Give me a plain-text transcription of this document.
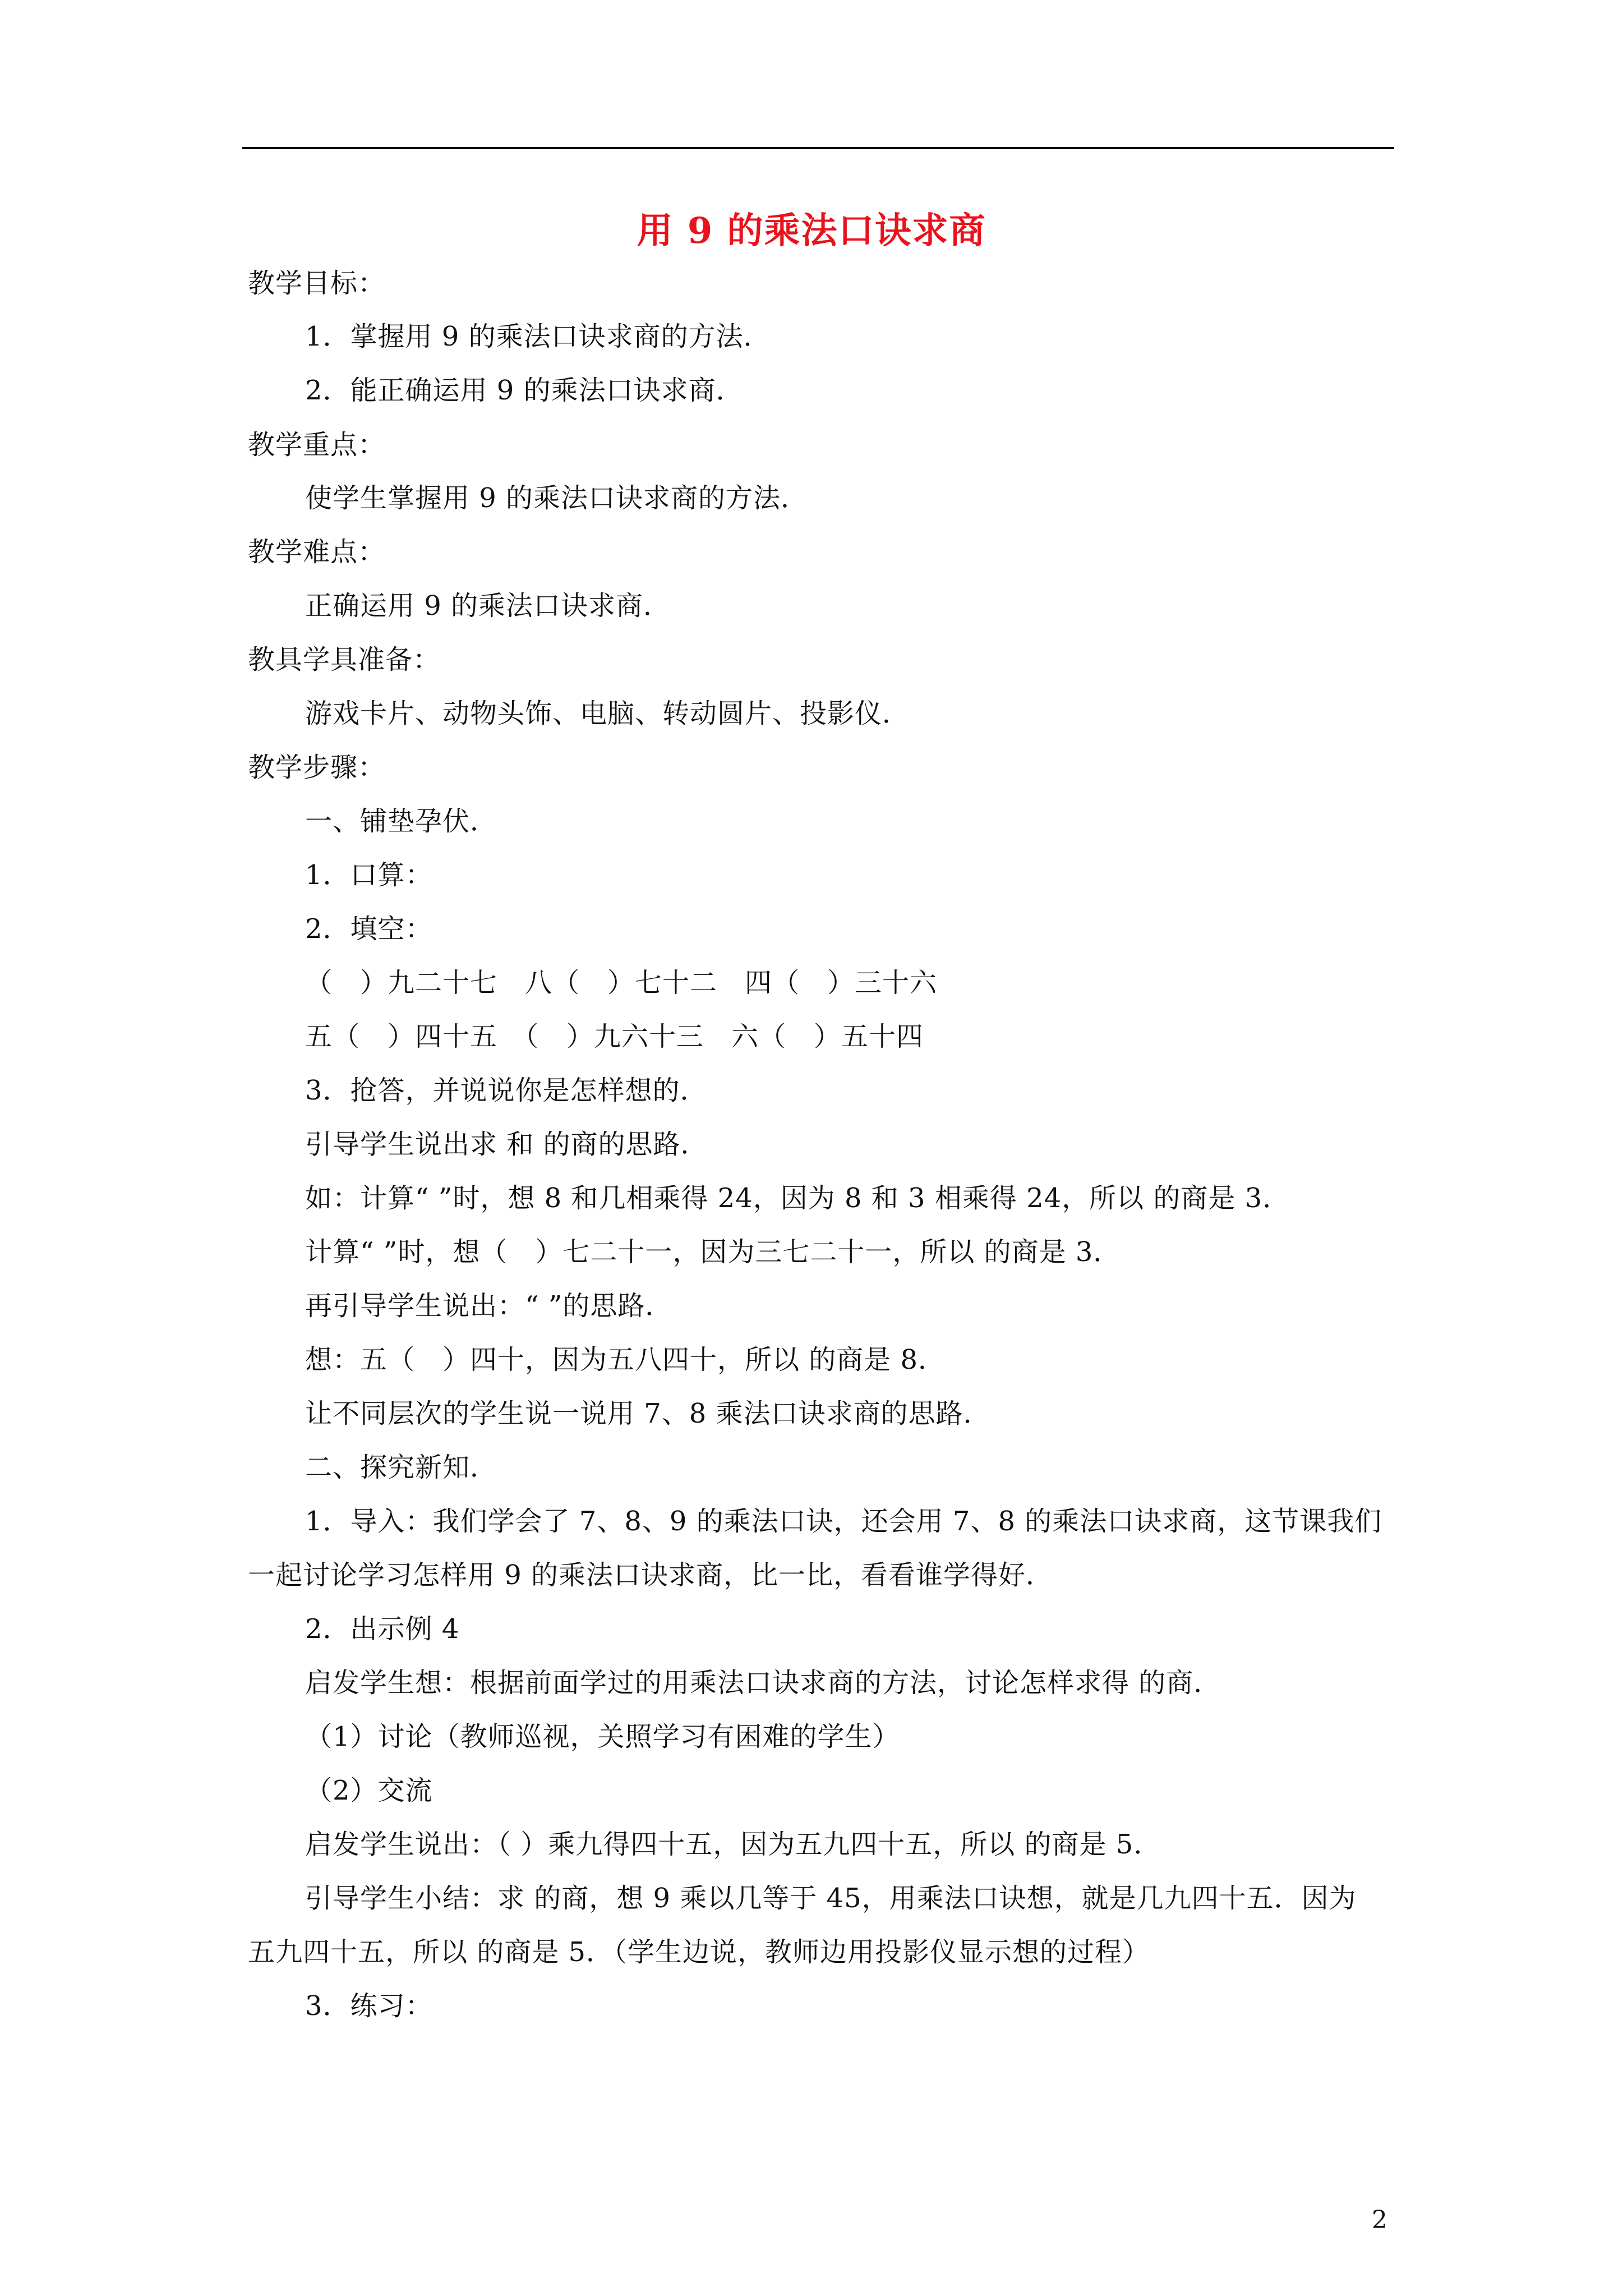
用 9 的乘法口诀求商
教学目标：
1．掌握用 9 的乘法口诀求商的方法．
2．能正确运用 9 的乘法口诀求商．
教学重点：
使学生掌握用 9 的乘法口诀求商的方法．
教学难点：
正确运用 9 的乘法口诀求商．
教具学具准备：
游戏卡片、动物头饰、电脑、转动圆片、投影仪．
教学步骤：
一、铺垫孕伏．
1．口算：
2．填空：
（　）九二十七　八（　）七十二　四（　）三十六
五（　）四十五　（　）九六十三　六（　）五十四
3．抢答，并说说你是怎样想的．
引导学生说出求 和 的商的思路．
如：计算“ ”时，想 8 和几相乘得 24，因为 8 和 3 相乘得 24，所以 的商是 3．
计算“ ”时，想（　）七二十一，因为三七二十一，所以 的商是 3．
再引导学生说出：“ ”的思路．
想：五（　）四十，因为五八四十，所以 的商是 8．
让不同层次的学生说一说用 7、8 乘法口诀求商的思路．
二、探究新知．
1．导入：我们学会了 7、8、9 的乘法口诀，还会用 7、8 的乘法口诀求商，这节课我们
一起讨论学习怎样用 9 的乘法口诀求商，比一比，看看谁学得好．
2．出示例 4
启发学生想：根据前面学过的用乘法口诀求商的方法，讨论怎样求得 的商．
（1）讨论（教师巡视，关照学习有困难的学生）
（2）交流
启发学生说出：（ ）乘九得四十五，因为五九四十五，所以 的商是 5．
引导学生小结：求 的商，想 9 乘以几等于 45，用乘法口诀想，就是几九四十五．因为
五九四十五，所以 的商是 5．（学生边说，教师边用投影仪显示想的过程）
3．练习：
2
